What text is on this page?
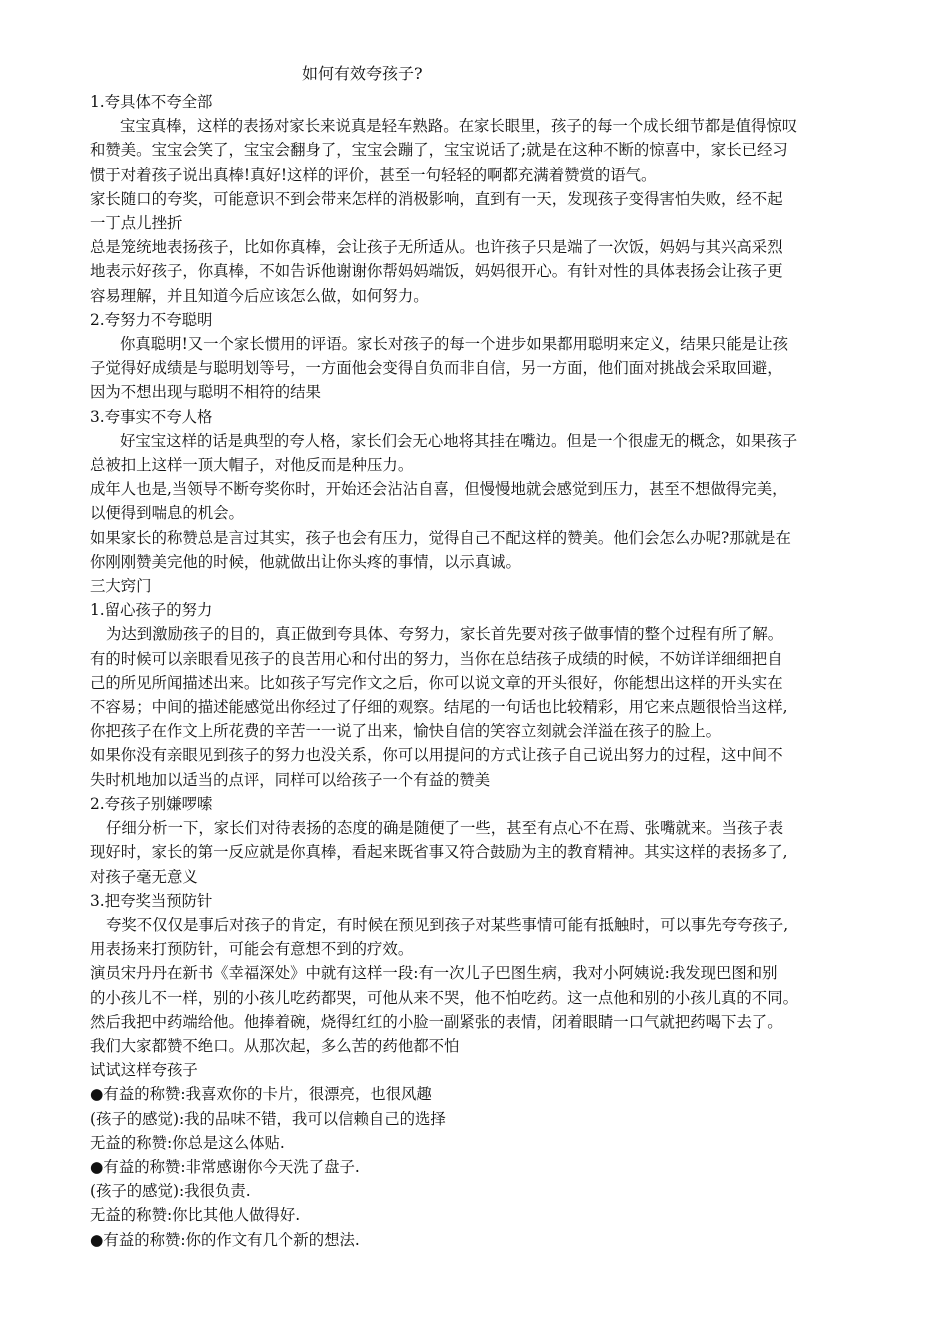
如何有效夸孩子?

1.夸具体不夸全部

宝宝真棒，这样的表扬对家长来说真是轻车熟路。在家长眼里，孩子的每一个成长细节都是值得惊叹

和赞美。宝宝会笑了，宝宝会翻身了，宝宝会蹦了，宝宝说话了;就是在这种不断的惊喜中，家长已经习

惯于对着孩子说出真棒!真好!这样的评价，甚至一句轻轻的啊都充满着赞赏的语气。

家长随口的夸奖，可能意识不到会带来怎样的消极影响，直到有一天，发现孩子变得害怕失败，经不起

一丁点儿挫折

总是笼统地表扬孩子，比如你真棒，会让孩子无所适从。也许孩子只是端了一次饭，妈妈与其兴高采烈

地表示好孩子，你真棒，不如告诉他谢谢你帮妈妈端饭，妈妈很开心。有针对性的具体表扬会让孩子更

容易理解，并且知道今后应该怎么做，如何努力。

2.夸努力不夸聪明

你真聪明!又一个家长惯用的评语。家长对孩子的每一个进步如果都用聪明来定义，结果只能是让孩

子觉得好成绩是与聪明划等号，一方面他会变得自负而非自信，另一方面，他们面对挑战会采取回避，

因为不想出现与聪明不相符的结果

3.夸事实不夸人格

好宝宝这样的话是典型的夸人格，家长们会无心地将其挂在嘴边。但是一个很虚无的概念，如果孩子

总被扣上这样一顶大帽子，对他反而是种压力。

成年人也是,当领导不断夸奖你时，开始还会沾沾自喜，但慢慢地就会感觉到压力，甚至不想做得完美，

以便得到喘息的机会。

如果家长的称赞总是言过其实，孩子也会有压力，觉得自己不配这样的赞美。他们会怎么办呢?那就是在

你刚刚赞美完他的时候，他就做出让你头疼的事情，以示真诚。

三大窍门

1.留心孩子的努力

为达到激励孩子的目的，真正做到夸具体、夸努力，家长首先要对孩子做事情的整个过程有所了解。

有的时候可以亲眼看见孩子的良苦用心和付出的努力，当你在总结孩子成绩的时候，不妨详详细细把自

己的所见所闻描述出来。比如孩子写完作文之后，你可以说文章的开头很好，你能想出这样的开头实在

不容易；中间的描述能感觉出你经过了仔细的观察。结尾的一句话也比较精彩，用它来点题很恰当这样,

你把孩子在作文上所花费的辛苦一一说了出来，愉快自信的笑容立刻就会洋溢在孩子的脸上。

如果你没有亲眼见到孩子的努力也没关系，你可以用提问的方式让孩子自己说出努力的过程，这中间不

失时机地加以适当的点评，同样可以给孩子一个有益的赞美

2.夸孩子别嫌啰嗦

仔细分析一下，家长们对待表扬的态度的确是随便了一些，甚至有点心不在焉、张嘴就来。当孩子表

现好时，家长的第一反应就是你真棒，看起来既省事又符合鼓励为主的教育精神。其实这样的表扬多了,

对孩子毫无意义

3.把夸奖当预防针

夸奖不仅仅是事后对孩子的肯定，有时候在预见到孩子对某些事情可能有抵触时，可以事先夸夸孩子,

用表扬来打预防针，可能会有意想不到的疗效。

演员宋丹丹在新书《幸福深处》中就有这样一段:有一次儿子巴图生病，我对小阿姨说:我发现巴图和别

的小孩儿不一样，别的小孩儿吃药都哭，可他从来不哭，他不怕吃药。这一点他和别的小孩儿真的不同。

然后我把中药端给他。他捧着碗，烧得红红的小脸一副紧张的表情，闭着眼睛一口气就把药喝下去了。

我们大家都赞不绝口。从那次起，多么苦的药他都不怕

试试这样夸孩子

●有益的称赞:我喜欢你的卡片，很漂亮，也很风趣

(孩子的感觉):我的品味不错，我可以信赖自己的选择

无益的称赞:你总是这么体贴.

●有益的称赞:非常感谢你今天洗了盘子.

(孩子的感觉):我很负责.

无益的称赞:你比其他人做得好.

●有益的称赞:你的作文有几个新的想法.
